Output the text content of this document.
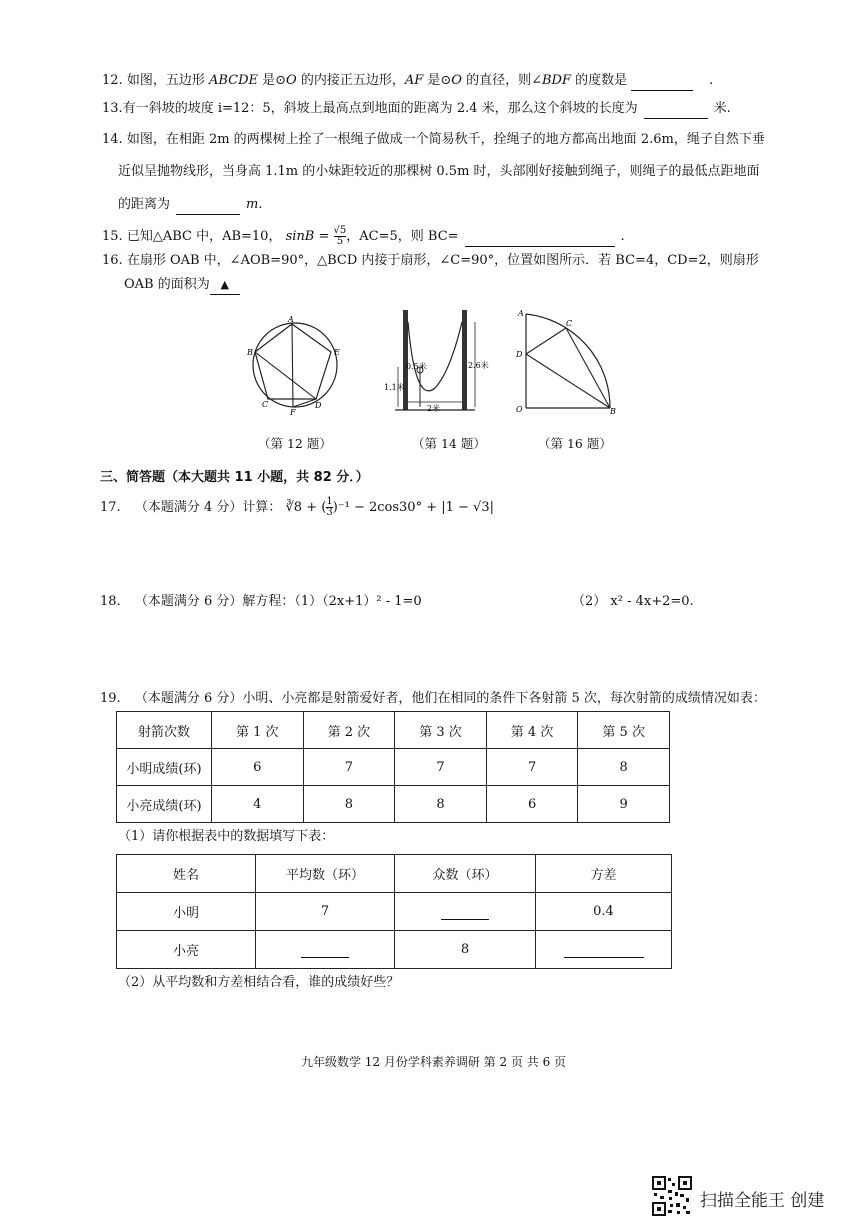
12. 如图，五边形 ABCDE 是⊙O 的内接正五边形，AF 是⊙O 的直径，则∠BDF 的度数是	.
13.有一斜坡的坡度 i=12：5，斜坡上最高点到地面的距离为 2.4 米，那么这个斜坡的长度为	米.
14. 如图，在相距 2m 的两棵树上拴了一根绳子做成一个简易秋千，拴绳子的地方都高出地面 2.6m，绳子自然下垂
近似呈抛物线形，当身高 1.1m 的小妹距较近的那棵树 0.5m 时，头部刚好接触到绳子，则绳子的最低点距地面
的距离为	m.
15. 已知△ABC 中，AB=10， $\sin B = \frac{√5}{5}$ ，AC=5，则 BC=	.
16. 在扇形 OAB 中，∠AOB=90°，△BCD 内接于扇形，∠C=90°，位置如图所示．若 BC=4，CD=2，则扇形
OAB 的面积为 ▲
A
B	E
C	D
F
0.5米
1.1米
2.6米
2米
A
C
D
O	B
（第 12 题）	（第 14 题）	（第 16 题）
三、简答题（本大题共 11 小题，共 82 分．）
17. （本题满分 4 分）计算： ∛8 + ( $\frac{1}{3} )^{-1} - 2\cos 30^\circ + |1 - √3|$
18. （本题满分 6 分）解方程：（1）（2x+1）² - 1=0	（2） x² - 4x+2=0.
19. （本题满分 6 分）小明、小亮都是射箭爱好者，他们在相同的条件下各射箭 5 次，每次射箭的成绩情况如表：
射箭次数	第 1 次	第 2 次	第 3 次	第 4 次	第 5 次
小明成绩(环)	6	7	7	7	8
小亮成绩(环)	4	8	8	6	9
（1）请你根据表中的数据填写下表：
姓名	平均数（环）	众数（环）	方差
小明	7		0.4
小亮		8	
（2）从平均数和方差相结合看，谁的成绩好些？
九年级数学 12 月份学科素养调研 第 2 页 共 6 页
扫描全能王 创建
